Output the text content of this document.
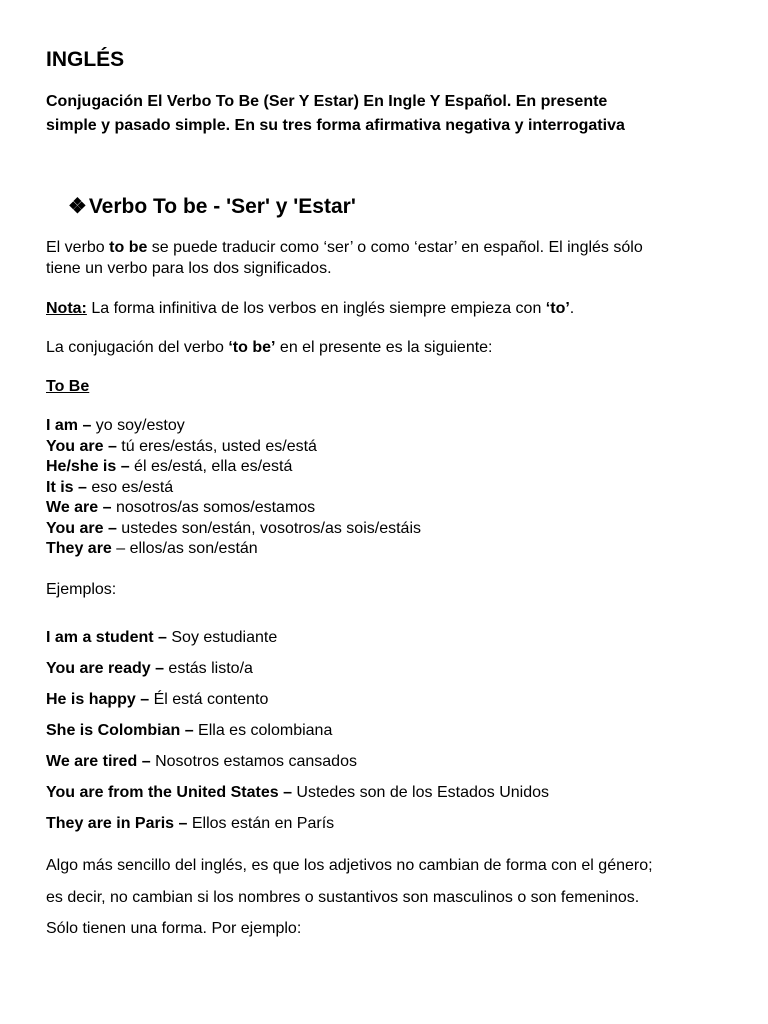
INGLÉS
Conjugación El Verbo To Be (Ser Y Estar) En Ingle Y Español. En presente
simple y pasado simple. En su tres forma afirmativa negativa y interrogativa
❖Verbo To be - 'Ser' y 'Estar'

El verbo to be se puede traducir como ‘ser’ o como ‘estar’ en español. El inglés sólo
tiene un verbo para los dos significados.

Nota: La forma infinitiva de los verbos en inglés siempre empieza con ‘to’.

La conjugación del verbo ‘to be’ en el presente es la siguiente:

To Be

I am – yo soy/estoy
You are – tú eres/estás, usted es/está
He/she is – él es/está, ella es/está
It is – eso es/está
We are – nosotros/as somos/estamos
You are – ustedes son/están, vosotros/as sois/estáis
They are – ellos/as son/están

Ejemplos:

I am a student – Soy estudiante
You are ready – estás listo/a
He is happy – Él está contento
She is Colombian – Ella es colombiana
We are tired – Nosotros estamos cansados
You are from the United States – Ustedes son de los Estados Unidos
They are in Paris – Ellos están en París
Algo más sencillo del inglés, es que los adjetivos no cambian de forma con el género;
es decir, no cambian si los nombres o sustantivos son masculinos o son femeninos.
Sólo tienen una forma. Por ejemplo:
